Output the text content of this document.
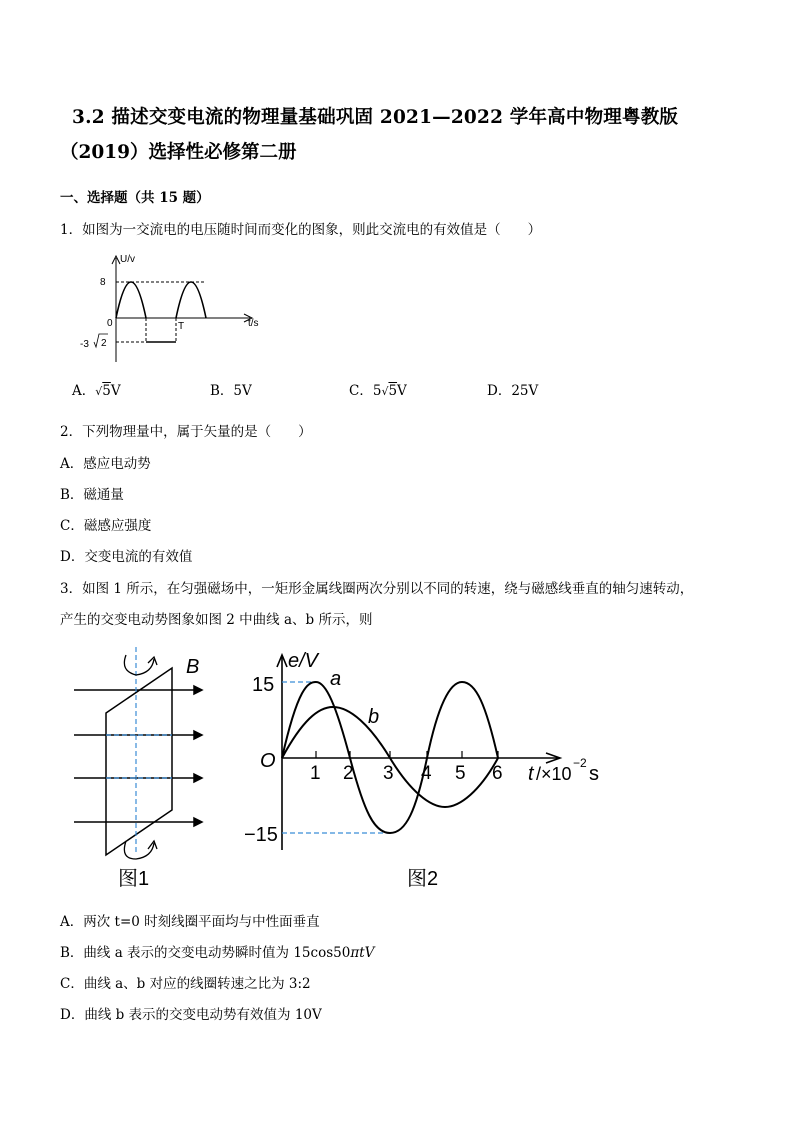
3.2 描述交变电流的物理量基础巩固 2021—2022 学年高中物理粤教版
（2019）选择性必修第二册
一、选择题（共 15 题）
1．如图为一交流电的电压随时间而变化的图象，则此交流电的有效值是（　　）
U/v
t/s
8
0	T
-3 2
A．√5V	B．5V	C．5√5V	D．25V
2．下列物理量中，属于矢量的是（　　）
A．感应电动势
B．磁通量
C．磁感应强度
D．交变电流的有效值
3．如图 1 所示，在匀强磁场中，一矩形金属线圈两次分别以不同的转速，绕与磁感线垂直的轴匀速转动，
产生的交变电动势图象如图 2 中曲线 a、b 所示，则
B
图1
e/V
15
−15
O
1 2 3 4 5 6 t /×10
−2 s
a
b
图2
A．两次 t=0 时刻线圈平面均与中性面垂直
B．曲线 a 表示的交变电动势瞬时值为 15cos50πtV
C．曲线 a、b 对应的线圈转速之比为 3:2
D．曲线 b 表示的交变电动势有效值为 10V
